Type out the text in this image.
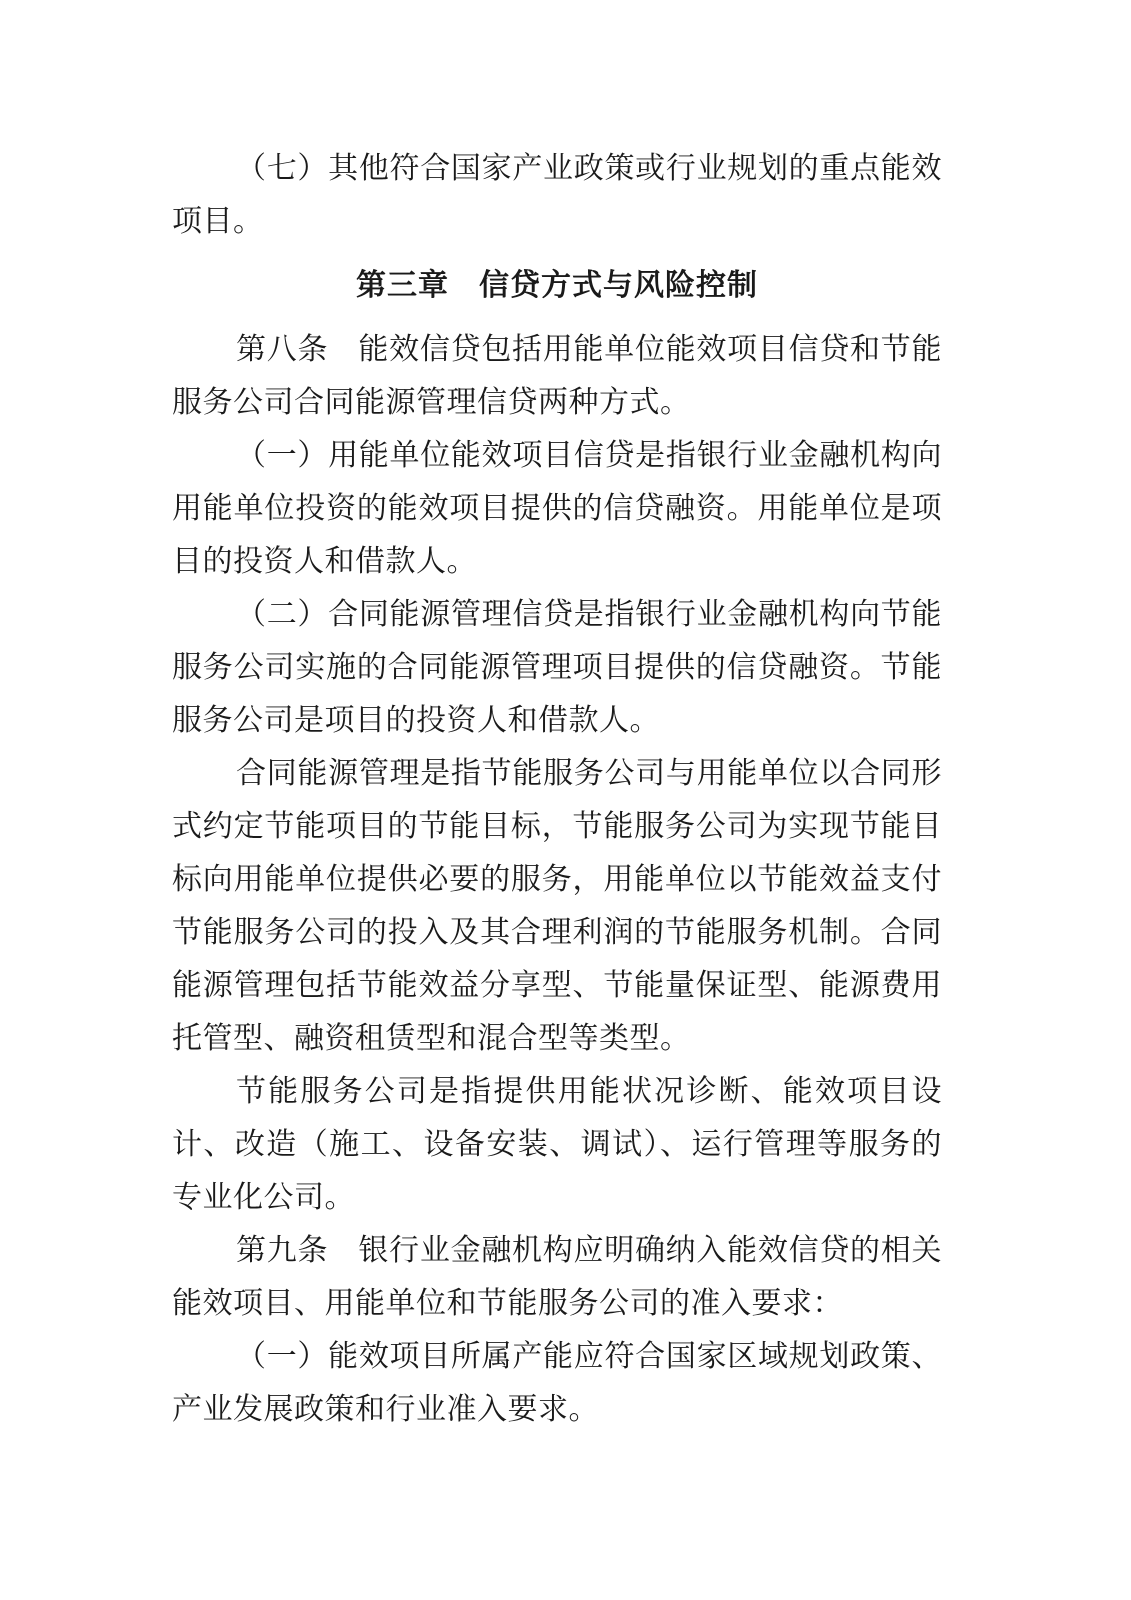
（七）其他符合国家产业政策或行业规划的重点能效项目。

第三章 信贷方式与风险控制

第八条 能效信贷包括用能单位能效项目信贷和节能服务公司合同能源管理信贷两种方式。

（一）用能单位能效项目信贷是指银行业金融机构向用能单位投资的能效项目提供的信贷融资。用能单位是项目的投资人和借款人。

（二）合同能源管理信贷是指银行业金融机构向节能服务公司实施的合同能源管理项目提供的信贷融资。节能服务公司是项目的投资人和借款人。

合同能源管理是指节能服务公司与用能单位以合同形式约定节能项目的节能目标，节能服务公司为实现节能目标向用能单位提供必要的服务，用能单位以节能效益支付节能服务公司的投入及其合理利润的节能服务机制。合同能源管理包括节能效益分享型、节能量保证型、能源费用托管型、融资租赁型和混合型等类型。

节能服务公司是指提供用能状况诊断、能效项目设计、改造（施工、设备安装、调试）、运行管理等服务的专业化公司。

第九条 银行业金融机构应明确纳入能效信贷的相关能效项目、用能单位和节能服务公司的准入要求：

（一）能效项目所属产能应符合国家区域规划政策、产业发展政策和行业准入要求。
